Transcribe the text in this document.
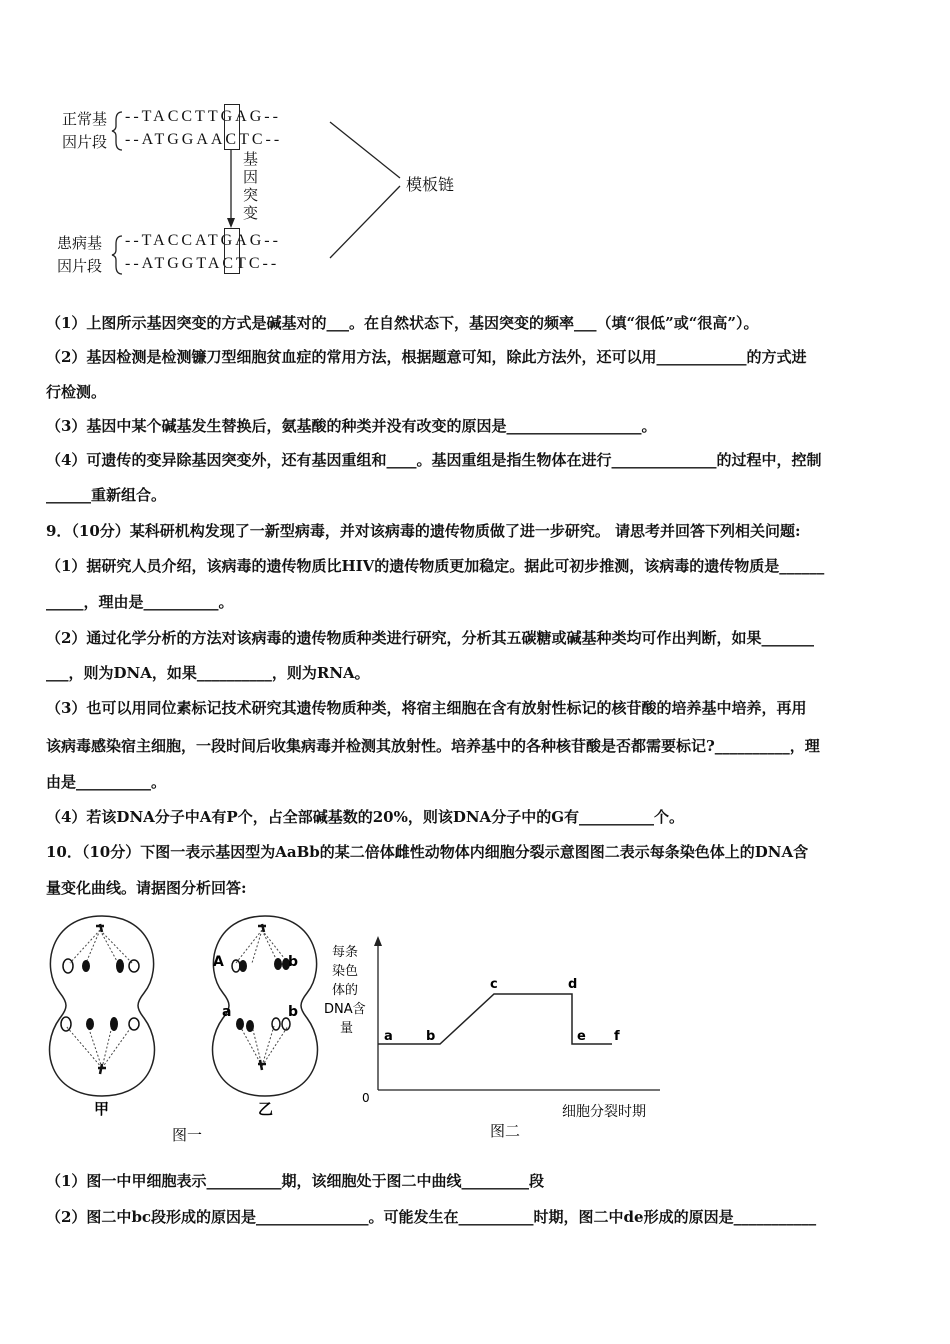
正常基
因片段
--TACCTTGAG--
--ATGGAACTC--
基
因
突
变
模板链
患病基
因片段
--TACCATGAG--
--ATGGTACTC--
（1）上图所示基因突变的方式是碱基对的___。在自然状态下，基因突变的频率___（填“很低”或“很高”）。
（2）基因检测是检测镰刀型细胞贫血症的常用方法，根据题意可知，除此方法外，还可以用____________的方式进
行检测。
（3）基因中某个碱基发生替换后，氨基酸的种类并没有改变的原因是__________________。
（4）可遗传的变异除基因突变外，还有基因重组和____。基因重组是指生物体在进行______________的过程中，控制
______重新组合。
9．（10分）某科研机构发现了一新型病毒，并对该病毒的遗传物质做了进一步研究。 请思考并回答下列相关问题:
（1）据研究人员介绍，该病毒的遗传物质比HIV的遗传物质更加稳定。据此可初步推测，该病毒的遗传物质是______
_____，理由是__________。
（2）通过化学分析的方法对该病毒的遗传物质种类进行研究，分析其五碳糖或碱基种类均可作出判断，如果_______
___，则为DNA，如果__________，则为RNA。
（3）也可以用同位素标记技术研究其遗传物质种类，将宿主细胞在含有放射性标记的核苷酸的培养基中培养，再用
该病毒感染宿主细胞，一段时间后收集病毒并检测其放射性。培养基中的各种核苷酸是否都需要标记?__________，理
由是__________。
（4）若该DNA分子中A有P个，占全部碱基数的20%，则该DNA分子中的G有__________个。
10．（10分）下图一表示基因型为AaBb的某二倍体雌性动物体内细胞分裂示意图图二表示每条染色体上的DNA含
量变化曲线。请据图分析回答:
甲
A	b
a	b
乙
图一
每条
染色
体的
DNA含
量
0
a	b
c	d
e f
细胞分裂时期
图二
（1）图一中甲细胞表示__________期，该细胞处于图二中曲线_________段
（2）图二中bc段形成的原因是_______________。可能发生在__________时期，图二中de形成的原因是___________
